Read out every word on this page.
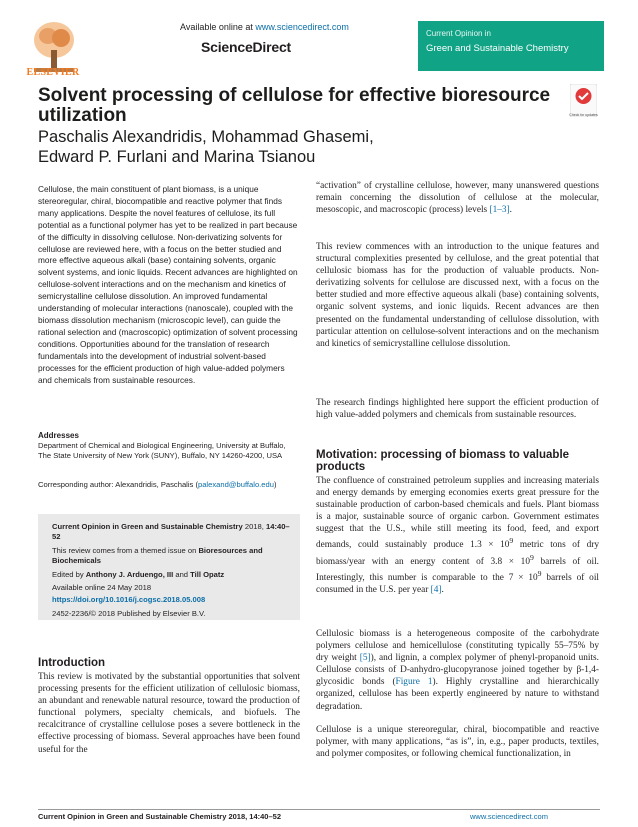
ELSEVIER
Available online at www.sciencedirect.com
ScienceDirect
Current Opinion in
Green and Sustainable Chemistry
Check for updates
Solvent processing of cellulose for effective bioresource utilization
Paschalis Alexandridis, Mohammad Ghasemi,
Edward P. Furlani and Marina Tsianou
Cellulose, the main constituent of plant biomass, is a unique stereoregular, chiral, biocompatible and reactive polymer that finds many applications. Despite the novel features of cellulose, its full potential as a functional polymer has yet to be realized in part because of the difficulty in dissolving cellulose. Non-derivatizing solvents for cellulose are reviewed here, with a focus on the better studied and more effective aqueous alkali (base) containing solvents, organic solvent systems, and ionic liquids. Recent advances are highlighted on cellulose-solvent interactions and on the mechanism and kinetics of semicrystalline cellulose dissolution. An improved fundamental understanding of molecular interactions (nanoscale), coupled with the biomass dissolution mechanism (microscopic level), can guide the rational selection and (macroscopic) optimization of solvent processing conditions. Opportunities abound for the translation of research fundamentals into the development of industrial solvent-based processes for the efficient production of high value-added polymers and chemicals from sustainable resources.
Addresses
Department of Chemical and Biological Engineering, University at Buffalo, The State University of New York (SUNY), Buffalo, NY 14260-4200, USA
Corresponding author: Alexandridis, Paschalis (palexand@buffalo.edu)
Current Opinion in Green and Sustainable Chemistry 2018, 14:40–52
This review comes from a themed issue on Bioresources and Biochemicals
Edited by Anthony J. Arduengo, III and Till Opatz
Available online 24 May 2018
https://doi.org/10.1016/j.cogsc.2018.05.008
2452-2236/© 2018 Published by Elsevier B.V.
Introduction
This review is motivated by the substantial opportunities that solvent processing presents for the efficient utilization of cellulosic biomass, an abundant and renewable natural resource, toward the production of functional polymers, specialty chemicals, and biofuels. The recalcitrance of crystalline cellulose poses a severe bottleneck in the effective processing of biomass. Several approaches have been found useful for the
“activation” of crystalline cellulose, however, many unanswered questions remain concerning the dissolution of cellulose at the molecular, mesoscopic, and macroscopic (process) levels [1–3].
This review commences with an introduction to the unique features and structural complexities presented by cellulose, and the great potential that cellulosic biomass has for the production of valuable products. Non-derivatizing solvents for cellulose are discussed next, with a focus on the better studied and more effective aqueous alkali (base) containing solvents, organic solvent systems, and ionic liquids. Recent advances are then presented on the fundamental understanding of cellulose dissolution, with particular attention on cellulose-solvent interactions and on the mechanism and kinetics of semicrystalline cellulose dissolution.
The research findings highlighted here support the efficient production of high value-added polymers and chemicals from sustainable resources.
Motivation: processing of biomass to valuable products
The confluence of constrained petroleum supplies and increasing materials and energy demands by emerging economies exerts great pressure for the sustainable production of carbon-based chemicals and fuels. Plant biomass is a major, sustainable source of organic carbon. Government estimates suggest that the U.S., while still meeting its food, feed, and export demands, could sustainably produce $1.3 \times 10^9$ metric tons of dry biomass/year with an energy content of $3.8 \times 10^9$ barrels of oil. Interestingly, this number is comparable to the $7 \times 10^9$ barrels of oil consumed in the U.S. per year [4].
Cellulosic biomass is a heterogeneous composite of the carbohydrate polymers cellulose and hemicellulose (constituting typically 55–75% by dry weight [5]), and lignin, a complex polymer of phenyl-propanoid units. Cellulose consists of D-anhydro-glucopyranose joined together by β-1,4-glycosidic bonds (Figure 1). Highly crystalline and hierarchically organized, cellulose has been expertly engineered by nature to withstand degradation.
Cellulose is a unique stereoregular, chiral, biocompatible and reactive polymer, with many applications, “as is”, in, e.g., paper products, textiles, and polymer composites, or following chemical functionalization, in
Current Opinion in Green and Sustainable Chemistry 2018, 14:40–52	www.sciencedirect.com
